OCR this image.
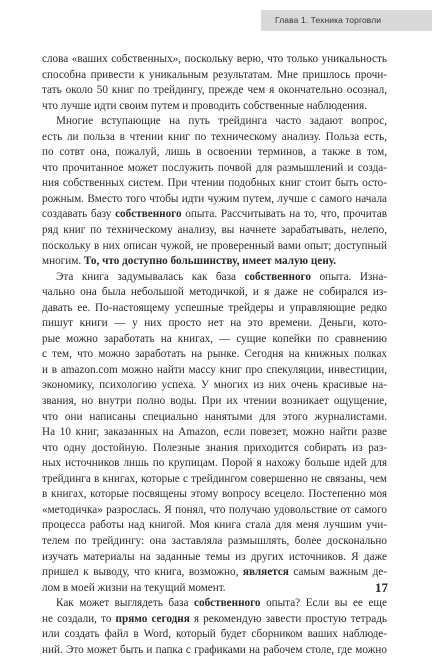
Глава 1. Техника торговли
слова «ваших собственных», поскольку верю, что только уникальность
способна привести к уникальным результатам. Мне пришлось прочи-
тать около 50 книг по трейдингу, прежде чем я окончательно осознал,
что лучше идти своим путем и проводить собственные наблюдения.
Многие вступающие на путь трейдинга часто задают вопрос,
есть ли польза в чтении книг по техническому анализу. Польза есть,
по сотвт она, пожалуй, лишь в освоении терминов, а также в том,
что прочитанное может послужить почвой для размышлений и созда-
ния собственных систем. При чтении подобных книг стоит быть осто-
рожным. Вместо того чтобы идти чужим путем, лучше с самого начала
создавать базу собственного опыта. Рассчитывать на то, что, прочитав
ряд книг по техническому анализу, вы начнете зарабатывать, нелепо,
поскольку в них описан чужой, не проверенный вами опыт; доступный
многим. То, что доступно большинству, имеет малую цену.
Эта книга задумывалась как база собственного опыта. Изна-
чально она была небольшой методичкой, и я даже не собирался из-
давать ее. По-настоящему успешные трейдеры и управляющие редко
пишут книги — у них просто нет на это времени. Деньги, кото-
рые можно заработать на книгах, — сущие копейки по сравнению
с тем, что можно заработать на рынке. Сегодня на книжных полках
и в amazon.com можно найти массу книг про спекуляции, инвестиции,
экономику, психологию успеха. У многих из них очень красивые на-
звания, но внутри полно воды. При их чтении возникает ощущение,
что они написаны специально нанятыми для этого журналистами.
На 10 книг, заказанных на Amazon, если повезет, можно найти разве
что одну достойную. Полезные знания приходится собирать из раз-
ных источников лишь по крупицам. Порой я нахожу больше идей для
трейдинга в книгах, которые с трейдингом совершенно не связаны, чем
в книгах, которые посвящены этому вопросу всецело. Постепенно моя
«методичка» разрослась. Я понял, что получаю удовольствие от самого
процесса работы над книгой. Моя книга стала для меня лучшим учи-
телем по трейдингу: она заставляла размышлять, более досконально
изучать материалы на заданные темы из других источников. Я даже
пришел к выводу, что книга, возможно, является самым важным де-
лом в моей жизни на текущий момент.
Как может выглядеть база собственного опыта? Если вы ее еще
не создали, то прямо сегодня я рекомендую завести простую тетрадь
или создать файл в Word, который будет сборником ваших наблюде-
ний. Это может быть и папка с графиками на рабочем столе, где можно
17
